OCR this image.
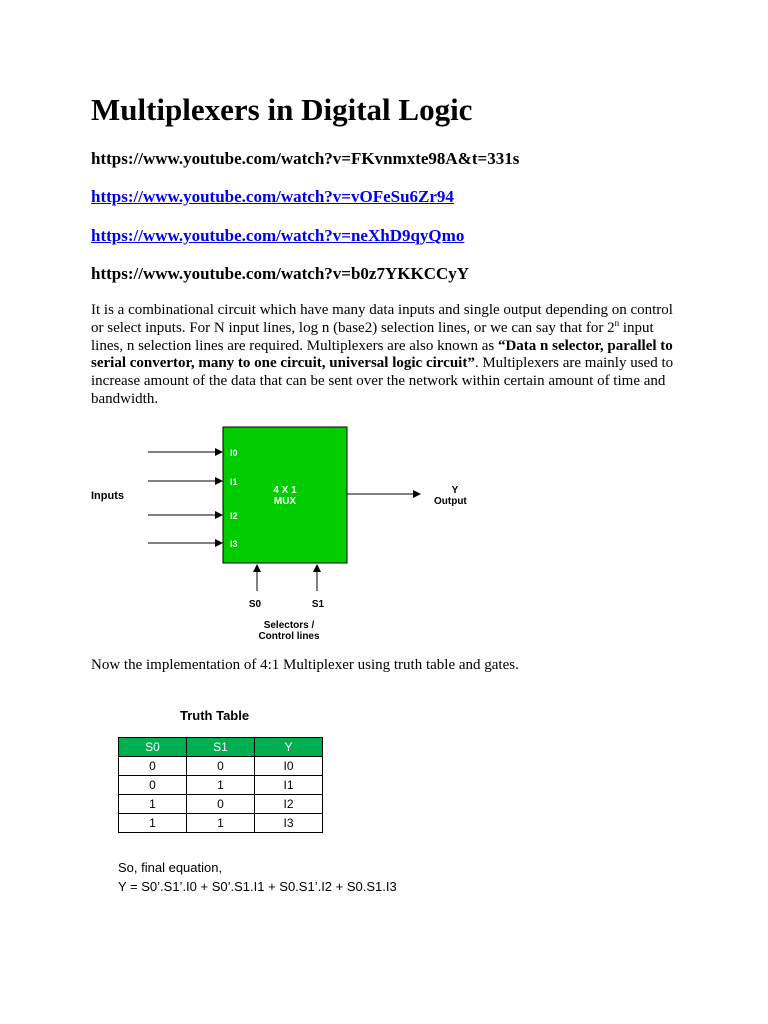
Multiplexers in Digital Logic
https://www.youtube.com/watch?v=FKvnmxte98A&t=331s
https://www.youtube.com/watch?v=vOFeSu6Zr94
https://www.youtube.com/watch?v=neXhD9qyQmo
https://www.youtube.com/watch?v=b0z7YKKCCyY

It is a combinational circuit which have many data inputs and single output depending on control or select inputs. For N input lines, log n (base2) selection lines, or we can say that for 2$^n$ input lines, n selection lines are required. Multiplexers are also known as “Data n selector, parallel to serial convertor, many to one circuit, universal logic circuit”. Multiplexers are mainly used to increase amount of the data that can be sent over the network within certain amount of time and bandwidth.

I0
I1
I2
I3
4 X 1
MUX
Inputs	Y
Output
S0	S1
Selectors /
Control lines
Now the implementation of 4:1 Multiplexer using truth table and gates.
Truth Table
S0	S1	Y
0	0	I0
0	1	I1
1	0	I2
1	1	I3
So, final equation,
Y = S0’.S1’.I0 + S0’.S1.I1 + S0.S1’.I2 + S0.S1.I3
